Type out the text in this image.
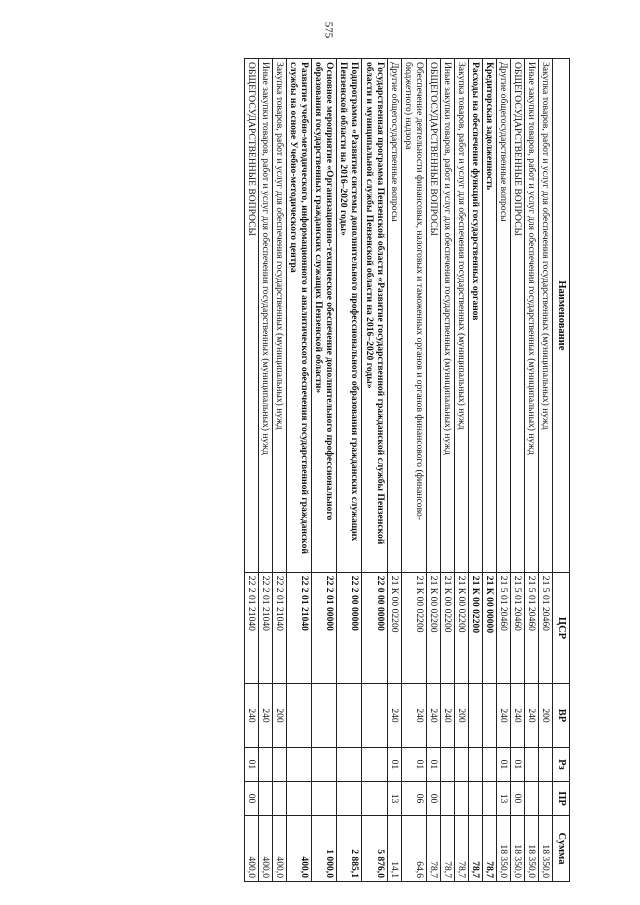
575
Наименование	ЦСР	ВР	Рз	ПР	Сумма
Закупка товаров, работ и услуг для обеспечения государственных (муниципальных) нужд	21 5 01 20460	200			18 350,0
Иные закупки товаров, работ и услуг для обеспечения государственных (муниципальных) нужд	21 5 01 20460	240			18 350,0
ОБЩЕГОСУДАРСТВЕННЫЕ ВОПРОСЫ	21 5 01 20460	240	01	00	18 350,0
Другие общегосударственные вопросы	21 5 01 20460	240	01	13	18 350,0
Кредиторская задолженность	21 К 00 00000				78,7
Расходы на обеспечение функций государственных органов	21 К 00 02200				78,7
Закупка товаров, работ и услуг для обеспечения государственных (муниципальных) нужд	21 К 00 02200	200			78,7
Иные закупки товаров, работ и услуг для обеспечения государственных (муниципальных) нужд	21 К 00 02200	240			78,7
ОБЩЕГОСУДАРСТВЕННЫЕ ВОПРОСЫ	21 К 00 02200	240	01	00	78,7
Обеспечение деятельности финансовых, налоговых и таможенных органов и органов финансового (финансово-бюджетного) надзора	21 К 00 02200	240	01	06	64,6
Другие общегосударственные вопросы	21 К 00 02200	240	01	13	14,1
Государственная программа Пензенской области «Развитие государственной гражданской службы Пензенской области и муниципальной службы Пензенской области на 2016–2020 годы»	22 0 00 00000				5 876,0
Подпрограмма «Развитие системы дополнительного профессионального образования гражданских служащих Пензенской области на 2016–2020 годы»	22 2 00 00000				2 885,1
Основное мероприятие «Организационно-техническое обеспечение дополнительного профессионального образования государственных гражданских служащих Пензенской области»	22 2 01 00000				1 000,0
Развитие учебно-методического, информационного и аналитического обеспечения государственной гражданской службы на основе Учебно-методического центра	22 2 01 21040				400,0
Закупка товаров, работ и услуг для обеспечения государственных (муниципальных) нужд	22 2 01 21040	200			400,0
Иные закупки товаров, работ и услуг для обеспечения государственных (муниципальных) нужд	22 2 01 21040	240			400,0
ОБЩЕГОСУДАРСТВЕННЫЕ ВОПРОСЫ	22 2 01 21040	240	01	00	400,0
